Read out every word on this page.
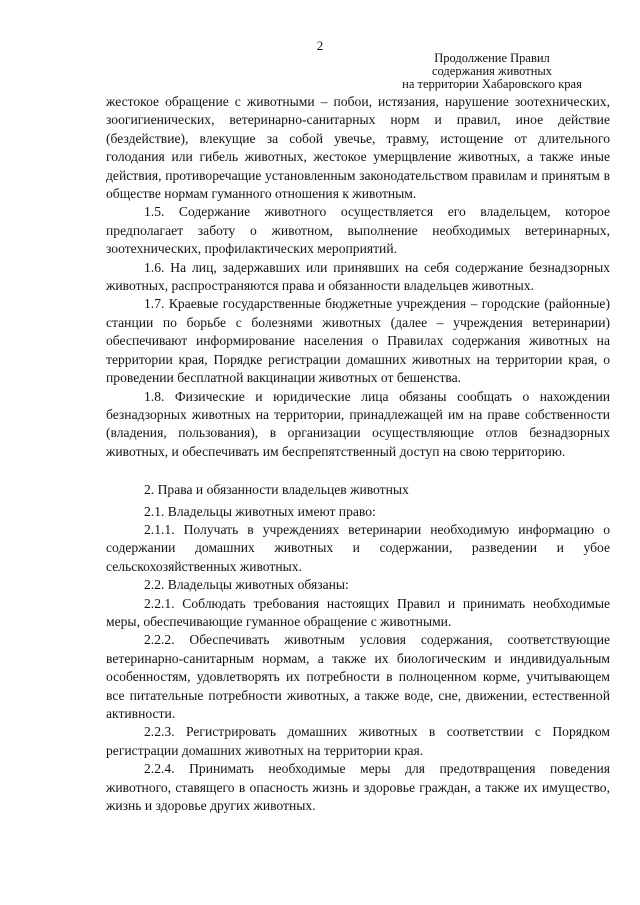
2
Продолжение Правил
содержания животных
на территории Хабаровского края

жестокое обращение с животными – побои, истязания, нарушение зоотехнических, зоогигиенических, ветеринарно-санитарных норм и правил, иное действие (бездействие), влекущие за собой увечье, травму, истощение от длительного голодания или гибель животных, жестокое умерщвление животных, а также иные действия, противоречащие установленным законодательством правилам и принятым в обществе нормам гуманного отношения к животным.

1.5. Содержание животного осуществляется его владельцем, которое предполагает заботу о животном, выполнение необходимых ветеринарных, зоотехнических, профилактических мероприятий.

1.6. На лиц, задержавших или принявших на себя содержание безнадзорных животных, распространяются права и обязанности владельцев животных.

1.7. Краевые государственные бюджетные учреждения – городские (районные) станции по борьбе с болезнями животных (далее – учреждения ветеринарии) обеспечивают информирование населения о Правилах содержания животных на территории края, Порядке регистрации домашних животных на территории края, о проведении бесплатной вакцинации животных от бешенства.

1.8. Физические и юридические лица обязаны сообщать о нахождении безнадзорных животных на территории, принадлежащей им на праве собственности (владения, пользования), в организации осуществляющие отлов безнадзорных животных, и обеспечивать им беспрепятственный доступ на свою территорию.

2. Права и обязанности владельцев животных

2.1. Владельцы животных имеют право:

2.1.1. Получать в учреждениях ветеринарии необходимую информацию о содержании домашних животных и содержании, разведении и убое сельскохозяйственных животных.

2.2. Владельцы животных обязаны:

2.2.1. Соблюдать требования настоящих Правил и принимать необходимые меры, обеспечивающие гуманное обращение с животными.

2.2.2. Обеспечивать животным условия содержания, соответствующие ветеринарно-санитарным нормам, а также их биологическим и индивидуальным особенностям, удовлетворять их потребности в полноценном корме, учитывающем все питательные потребности животных, а также воде, сне, движении, естественной активности.

2.2.3. Регистрировать домашних животных в соответствии с Порядком регистрации домашних животных на территории края.

2.2.4. Принимать необходимые меры для предотвращения поведения животного, ставящего в опасность жизнь и здоровье граждан, а также их имущество, жизнь и здоровье других животных.
